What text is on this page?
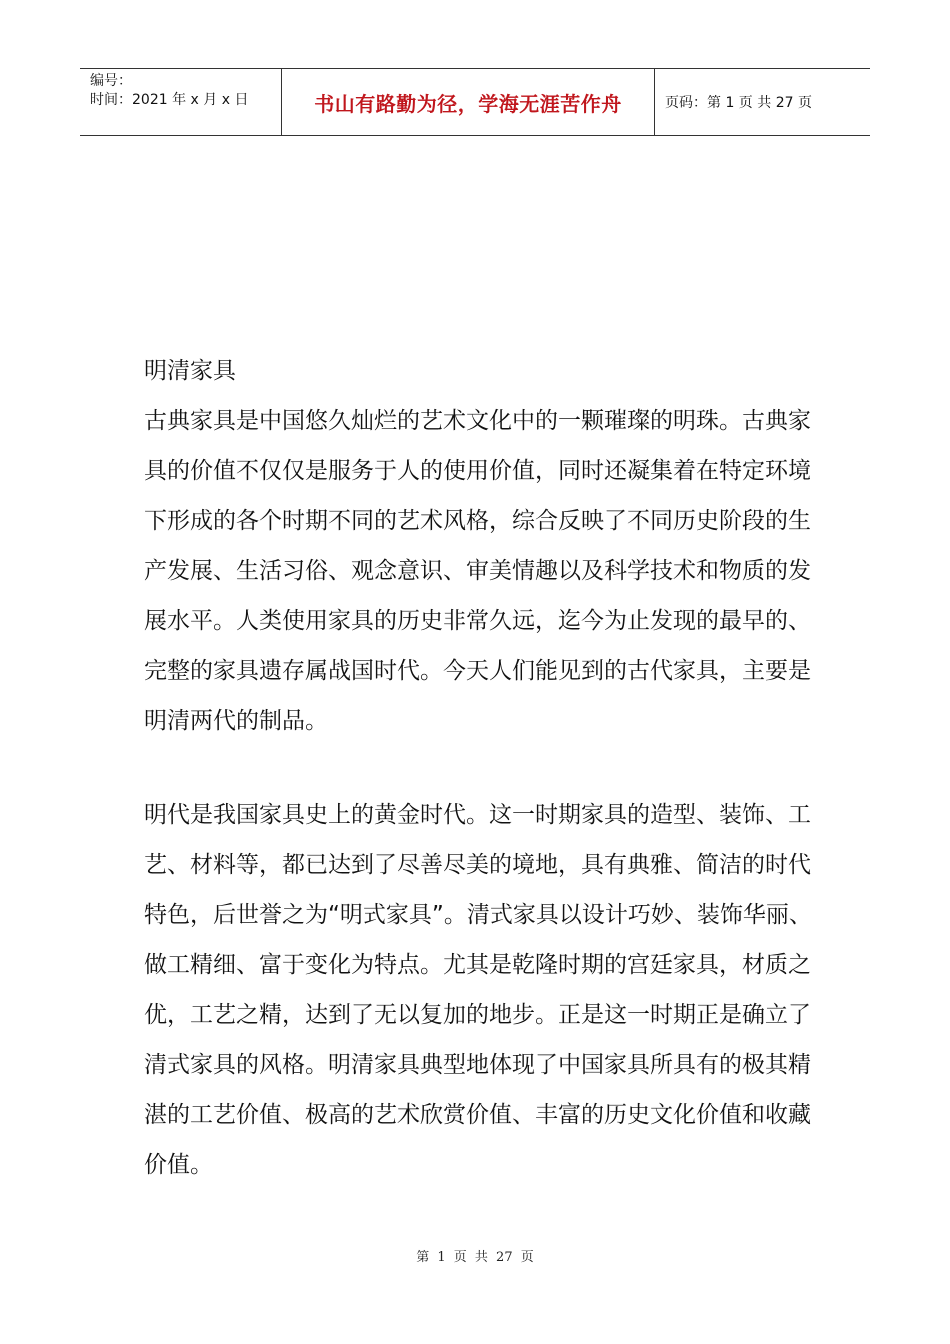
编号：
时间：2021 年 x 月 x 日	书山有路勤为径，学海无涯苦作舟	页码：第 1 页 共 27 页

明清家具

古典家具是中国悠久灿烂的艺术文化中的一颗璀璨的明珠。古典家具的价值不仅仅是服务于人的使用价值，同时还凝集着在特定环境下形成的各个时期不同的艺术风格，综合反映了不同历史阶段的生产发展、生活习俗、观念意识、审美情趣以及科学技术和物质的发展水平。人类使用家具的历史非常久远，迄今为止发现的最早的、完整的家具遗存属战国时代。今天人们能见到的古代家具，主要是明清两代的制品。

明代是我国家具史上的黄金时代。这一时期家具的造型、装饰、工艺、材料等，都已达到了尽善尽美的境地，具有典雅、简洁的时代特色，后世誉之为“明式家具”。清式家具以设计巧妙、装饰华丽、做工精细、富于变化为特点。尤其是乾隆时期的宫廷家具，材质之优，工艺之精，达到了无以复加的地步。正是这一时期正是确立了清式家具的风格。明清家具典型地体现了中国家具所具有的极其精湛的工艺价值、极高的艺术欣赏价值、丰富的历史文化价值和收藏价值。

第 1 页 共 27 页
